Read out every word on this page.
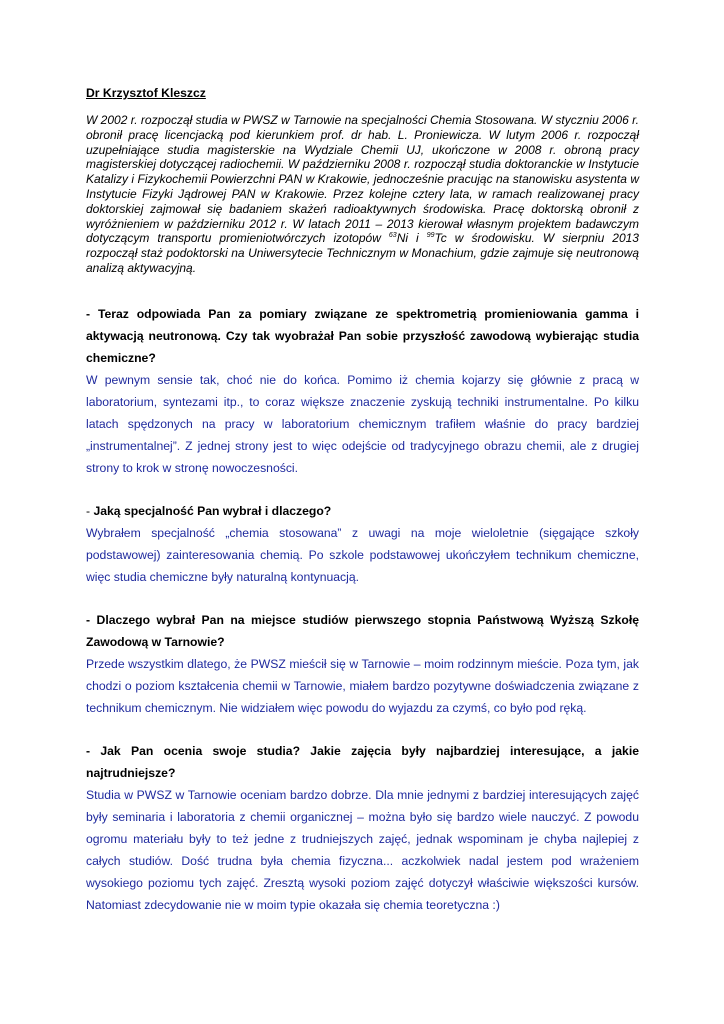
Dr Krzysztof Kleszcz

W 2002 r. rozpoczął studia w PWSZ w Tarnowie na specjalności Chemia Stosowana. W styczniu 2006 r. obronił pracę licencjacką pod kierunkiem prof. dr hab. L. Proniewicza. W lutym 2006 r. rozpoczął uzupełniające studia magisterskie na Wydziale Chemii UJ, ukończone w 2008 r. obroną pracy magisterskiej dotyczącej radiochemii. W październiku 2008 r. rozpoczął studia doktoranckie w Instytucie Katalizy i Fizykochemii Powierzchni PAN w Krakowie, jednocześnie pracując na stanowisku asystenta w Instytucie Fizyki Jądrowej PAN w Krakowie. Przez kolejne cztery lata, w ramach realizowanej pracy doktorskiej zajmował się badaniem skażeń radioaktywnych środowiska. Pracę doktorską obronił z wyróżnieniem w październiku 2012 r. W latach 2011 – 2013 kierował własnym projektem badawczym dotyczącym transportu promieniotwórczych izotopów $^{63}$Ni i $^{99}$Tc w środowisku. W sierpniu 2013 rozpoczął staż podoktorski na Uniwersytecie Technicznym w Monachium, gdzie zajmuje się neutronową analizą aktywacyjną.

- Teraz odpowiada Pan za pomiary związane ze spektrometrią promieniowania gamma i aktywacją neutronową. Czy tak wyobrażał Pan sobie przyszłość zawodową wybierając studia chemiczne?

W pewnym sensie tak, choć nie do końca. Pomimo iż chemia kojarzy się głównie z pracą w laboratorium, syntezami itp., to coraz większe znaczenie zyskują techniki instrumentalne. Po kilku latach spędzonych na pracy w laboratorium chemicznym trafiłem właśnie do pracy bardziej „instrumentalnej”. Z jednej strony jest to więc odejście od tradycyjnego obrazu chemii, ale z drugiej strony to krok w stronę nowoczesności.

- Jaką specjalność Pan wybrał i dlaczego?

Wybrałem specjalność „chemia stosowana” z uwagi na moje wieloletnie (sięgające szkoły podstawowej) zainteresowania chemią. Po szkole podstawowej ukończyłem technikum chemiczne, więc studia chemiczne były naturalną kontynuacją.

- Dlaczego wybrał Pan na miejsce studiów pierwszego stopnia Państwową Wyższą Szkołę Zawodową w Tarnowie?

Przede wszystkim dlatego, że PWSZ mieścił się w Tarnowie – moim rodzinnym mieście. Poza tym, jak chodzi o poziom kształcenia chemii w Tarnowie, miałem bardzo pozytywne doświadczenia związane z technikum chemicznym. Nie widziałem więc powodu do wyjazdu za czymś, co było pod ręką.

- Jak Pan ocenia swoje studia? Jakie zajęcia były najbardziej interesujące, a jakie najtrudniejsze?

Studia w PWSZ w Tarnowie oceniam bardzo dobrze. Dla mnie jednymi z bardziej interesujących zajęć były seminaria i laboratoria z chemii organicznej – można było się bardzo wiele nauczyć. Z powodu ogromu materiału były to też jedne z trudniejszych zajęć, jednak wspominam je chyba najlepiej z całych studiów. Dość trudna była chemia fizyczna... aczkolwiek nadal jestem pod wrażeniem wysokiego poziomu tych zajęć. Zresztą wysoki poziom zajęć dotyczył właściwie większości kursów. Natomiast zdecydowanie nie w moim typie okazała się chemia teoretyczna :)
